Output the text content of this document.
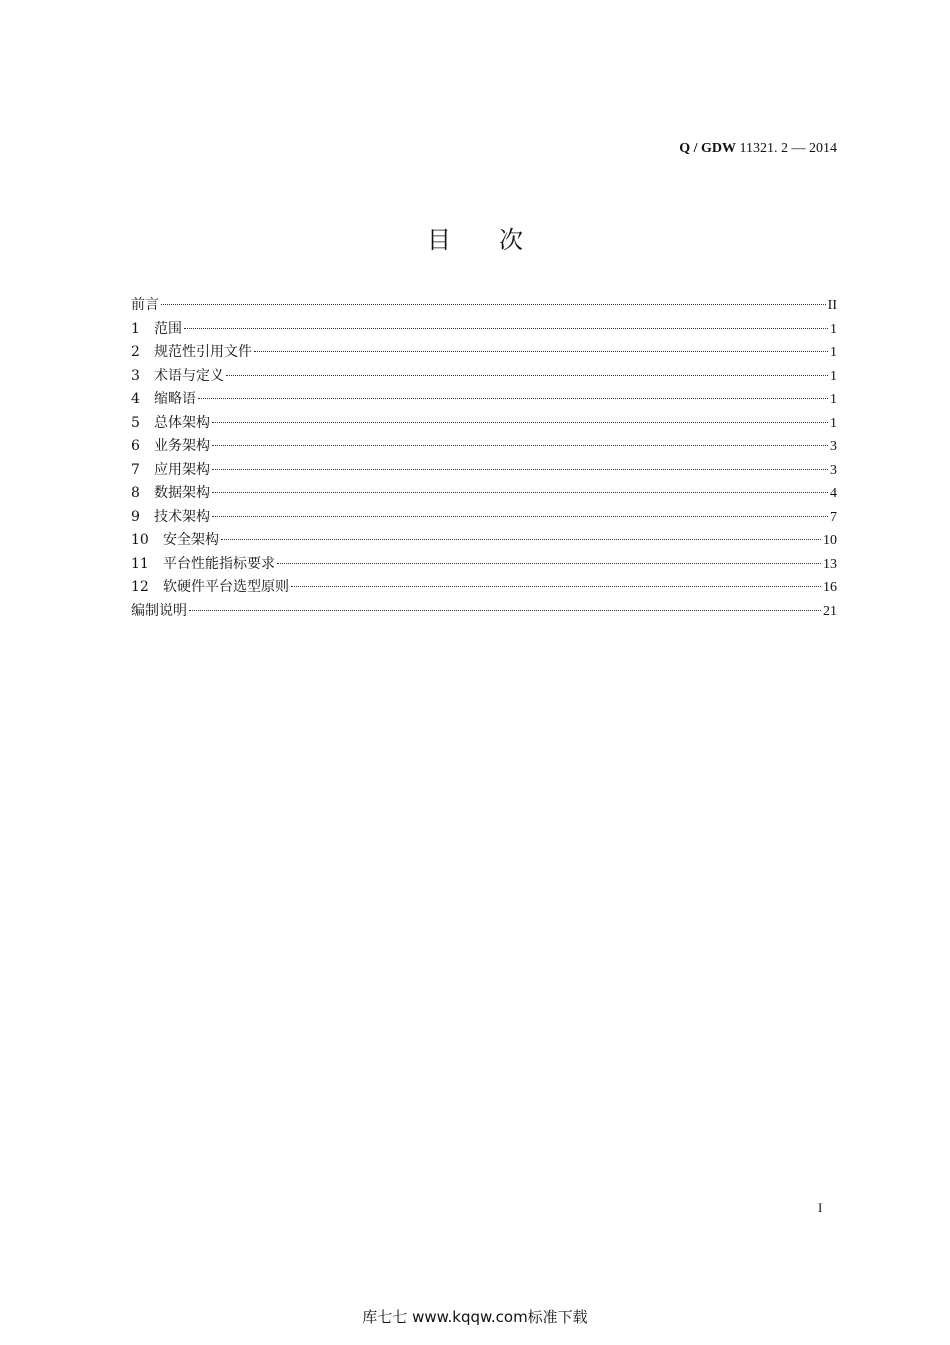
Q / GDW 11321. 2 — 2014
目 次
前言	II
1	范围	1
2	规范性引用文件	1
3	术语与定义	1
4	缩略语	1
5	总体架构	1
6	业务架构	3
7	应用架构	3
8	数据架构	4
9	技术架构	7
10	安全架构	10
11	平台性能指标要求	13
12	软硬件平台选型原则	16
编制说明	21
I
库七七 www.kqqw.com标准下载
